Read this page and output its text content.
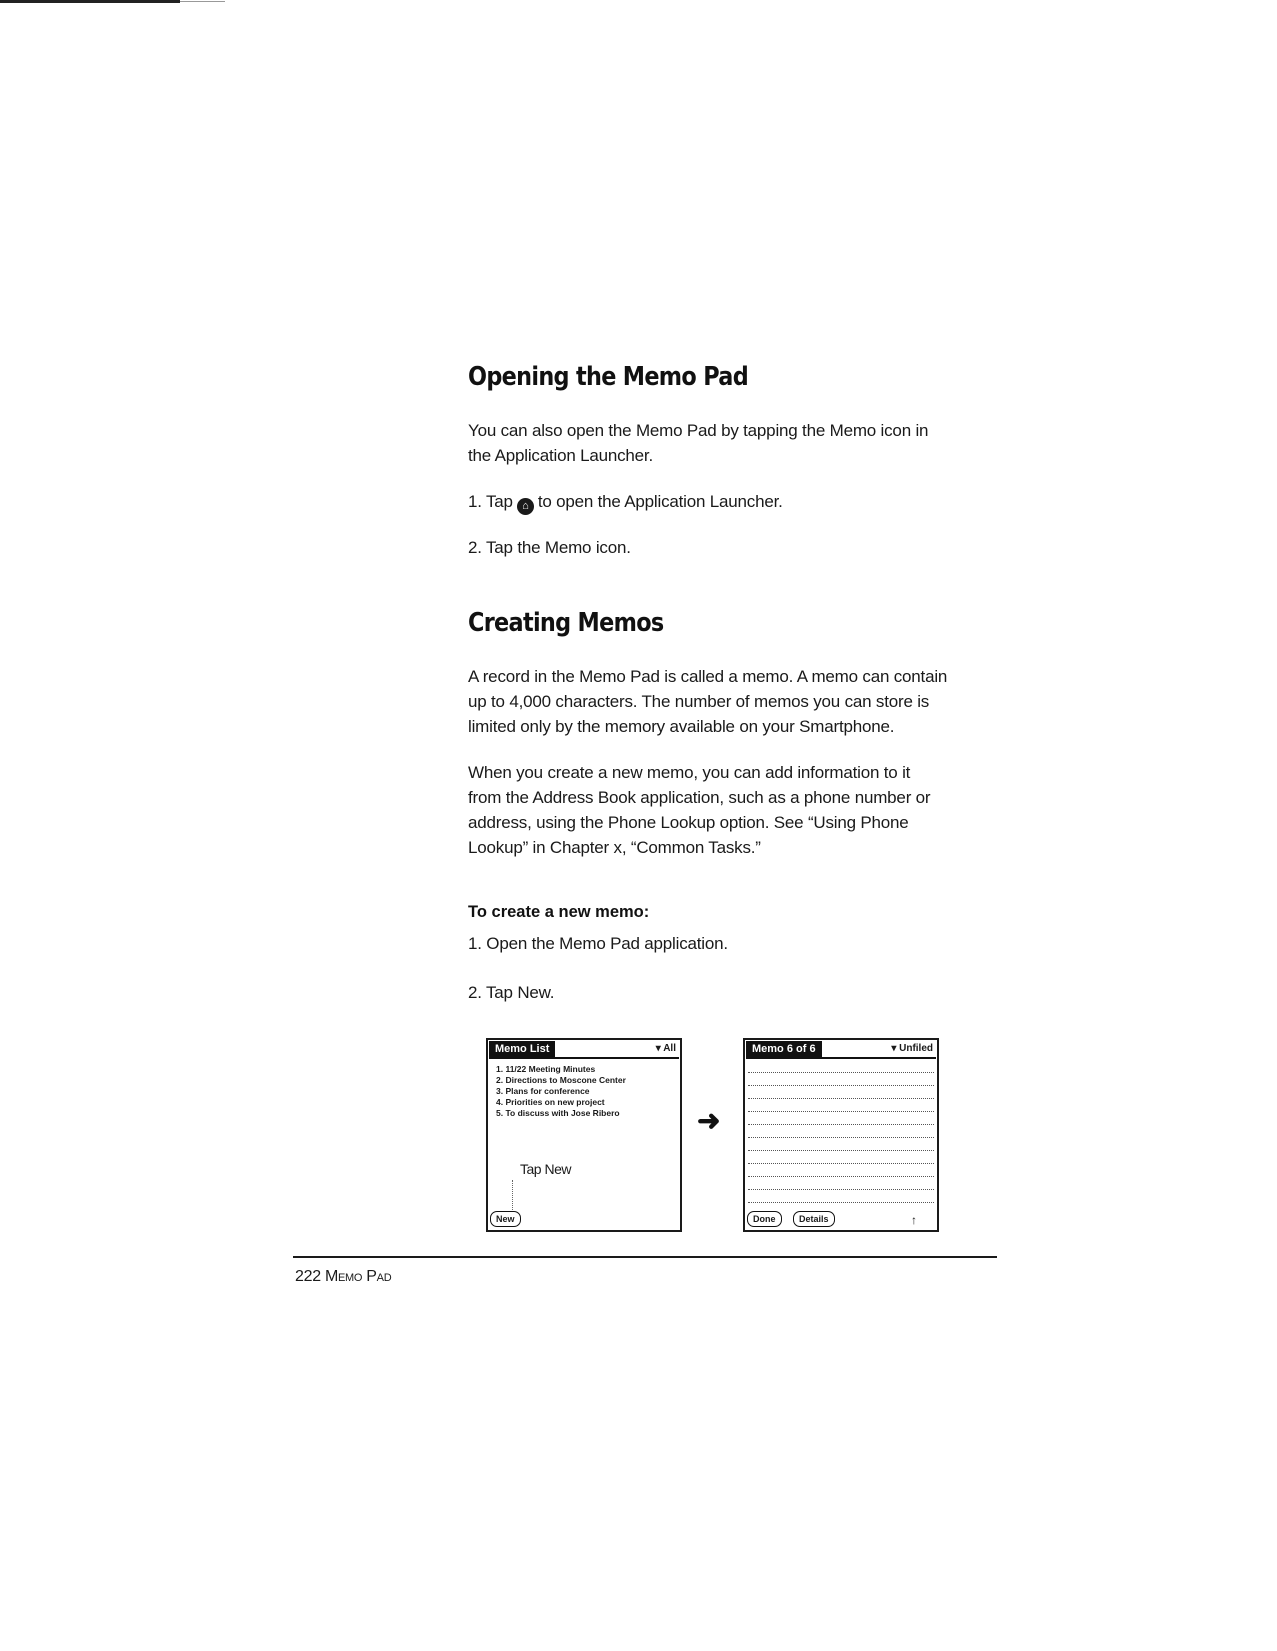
Opening the Memo Pad

You can also open the Memo Pad by tapping the Memo icon in the Application Launcher.

1. Tap ⌂ to open the Application Launcher.

2. Tap the Memo icon.

Creating Memos

A record in the Memo Pad is called a memo. A memo can contain up to 4,000 characters. The number of memos you can store is limited only by the memory available on your Smartphone.

When you create a new memo, you can add information to it from the Address Book application, such as a phone number or address, using the Phone Lookup option. See “Using Phone Lookup” in Chapter x, “Common Tasks.”

To create a new memo:

1. Open the Memo Pad application.

2. Tap New.

Memo List	▾ All
1. 11/22 Meeting Minutes
2. Directions to Moscone Center
3. Plans for conference
4. Priorities on new project
5. To discuss with Jose Ribero
Tap New
New
➜
Memo 6 of 6	▾ Unfiled
Done	Details	↑
222 Memo Pad
